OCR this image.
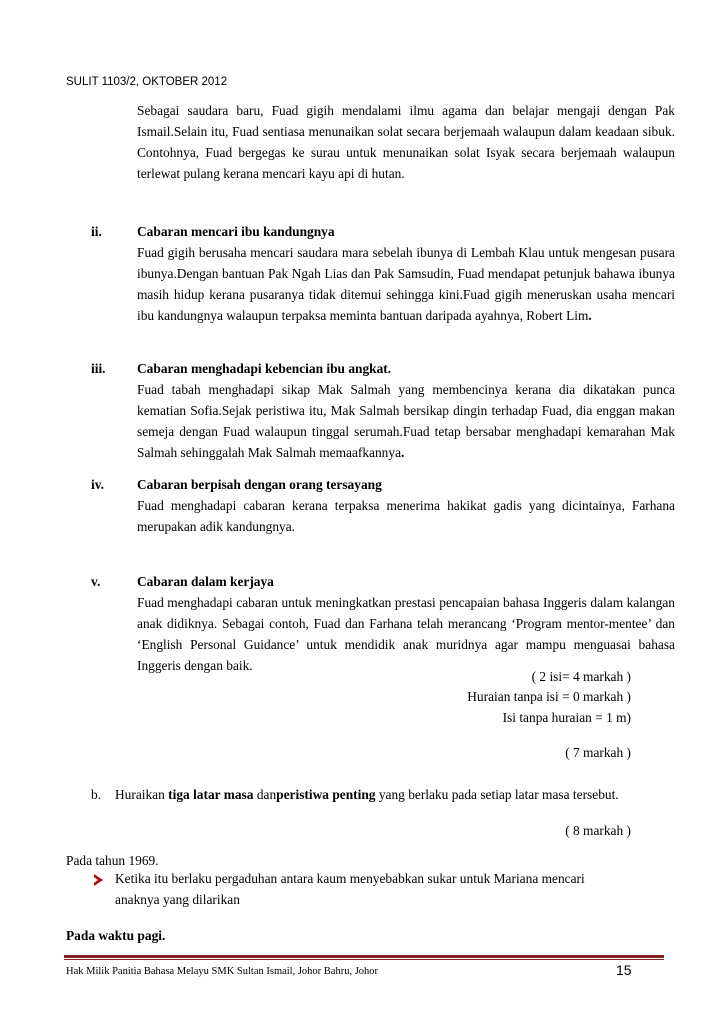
SULIT 1103/2, OKTOBER 2012

Sebagai saudara baru, Fuad gigih mendalami ilmu agama dan belajar mengaji dengan Pak Ismail.Selain itu, Fuad sentiasa menunaikan solat secara berjemaah walaupun dalam keadaan sibuk. Contohnya, Fuad bergegas ke surau untuk menunaikan solat Isyak secara berjemaah walaupun terlewat pulang kerana mencari kayu api di hutan.

ii.	Cabaran mencari ibu kandungnya
Fuad gigih berusaha mencari saudara mara sebelah ibunya di Lembah Klau untuk mengesan pusara ibunya.Dengan bantuan Pak Ngah Lias dan Pak Samsudin, Fuad mendapat petunjuk bahawa ibunya masih hidup kerana pusaranya tidak ditemui sehingga kini.Fuad gigih meneruskan usaha mencari ibu kandungnya walaupun terpaksa meminta bantuan daripada ayahnya, Robert Lim.
iii. Cabaran menghadapi kebencian ibu angkat.
Fuad tabah menghadapi sikap Mak Salmah yang membencinya kerana dia dikatakan punca kematian Sofia.Sejak peristiwa itu, Mak Salmah bersikap dingin terhadap Fuad, dia enggan makan semeja dengan Fuad walaupun tinggal serumah.Fuad tetap bersabar menghadapi kemarahan Mak Salmah sehinggalah Mak Salmah memaafkannya.
iv. Cabaran berpisah dengan orang tersayang
Fuad menghadapi cabaran kerana terpaksa menerima hakikat gadis yang dicintainya, Farhana merupakan adik kandungnya.
v.	Cabaran dalam kerjaya
Fuad menghadapi cabaran untuk meningkatkan prestasi pencapaian bahasa Inggeris dalam kalangan anak didiknya. Sebagai contoh, Fuad dan Farhana telah merancang ‘Program mentor-mentee’ dan ‘English Personal Guidance’ untuk mendidik anak muridnya agar mampu menguasai bahasa Inggeris dengan baik.
( 2 isi= 4 markah )
Huraian tanpa isi = 0 markah )
Isi tanpa huraian = 1 m)
( 7 markah )
b. Huraikan tiga latar masa danperistiwa penting yang berlaku pada setiap latar masa tersebut.
( 8 markah )
Pada tahun 1969.
Ketika itu berlaku pergaduhan antara kaum menyebabkan sukar untuk Mariana mencari anaknya yang dilarikan
Pada waktu pagi.
Hak Milik Panitia Bahasa Melayu SMK Sultan Ismail, Johor Bahru, Johor	15
